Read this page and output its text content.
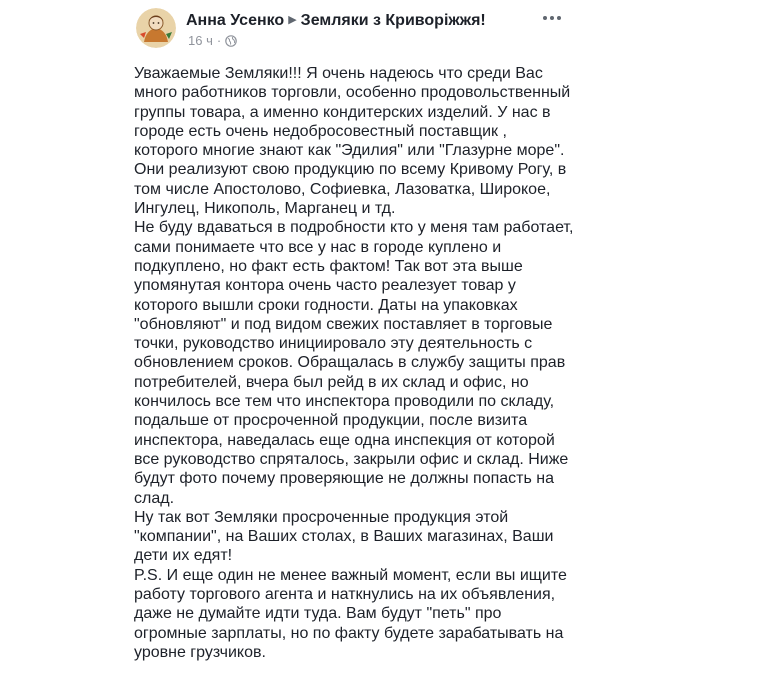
Анна Усенко ▶ Земляки з Криворіжжя!
16 ч ·

Уважаемые Земляки!!! Я очень надеюсь что среди Вас много работников торговли, особенно продовольственный группы товара, а именно кондитерских изделий. У нас в городе есть очень недобросовестный поставщик , которого многие знают как "Эдилия" или "Глазурне море". Они реализуют свою продукцию по всему Кривому Рогу, в том числе Апостолово, Софиевка, Лазоватка, Широкое, Ингулец, Никополь, Марганец и тд.

Не буду вдаваться в подробности кто у меня там работает, сами понимаете что все у нас в городе куплено и подкуплено, но факт есть фактом! Так вот эта выше упомянутая контора очень часто реалезует товар у которого вышли сроки годности. Даты на упаковках "обновляют" и под видом свежих поставляет в торговые точки, руководство инициировало эту деятельность с обновлением сроков. Обращалась в службу защиты прав потребителей, вчера был рейд в их склад и офис, но кончилось все тем что инспектора проводили по складу, подальше от просроченной продукции, после визита инспектора, наведалась еще одна инспекция от которой все руководство спряталось, закрыли офис и склад. Ниже будут фото почему проверяющие не должны попасть на слад.

Ну так вот Земляки просроченные продукция этой "компании", на Ваших столах, в Ваших магазинах, Ваши дети их едят!

P.S. И еще один не менее важный момент, если вы ищите работу торгового агента и наткнулись на их объявления, даже не думайте идти туда. Вам будут "петь" про огромные зарплаты, но по факту будете зарабатывать на уровне грузчиков.
